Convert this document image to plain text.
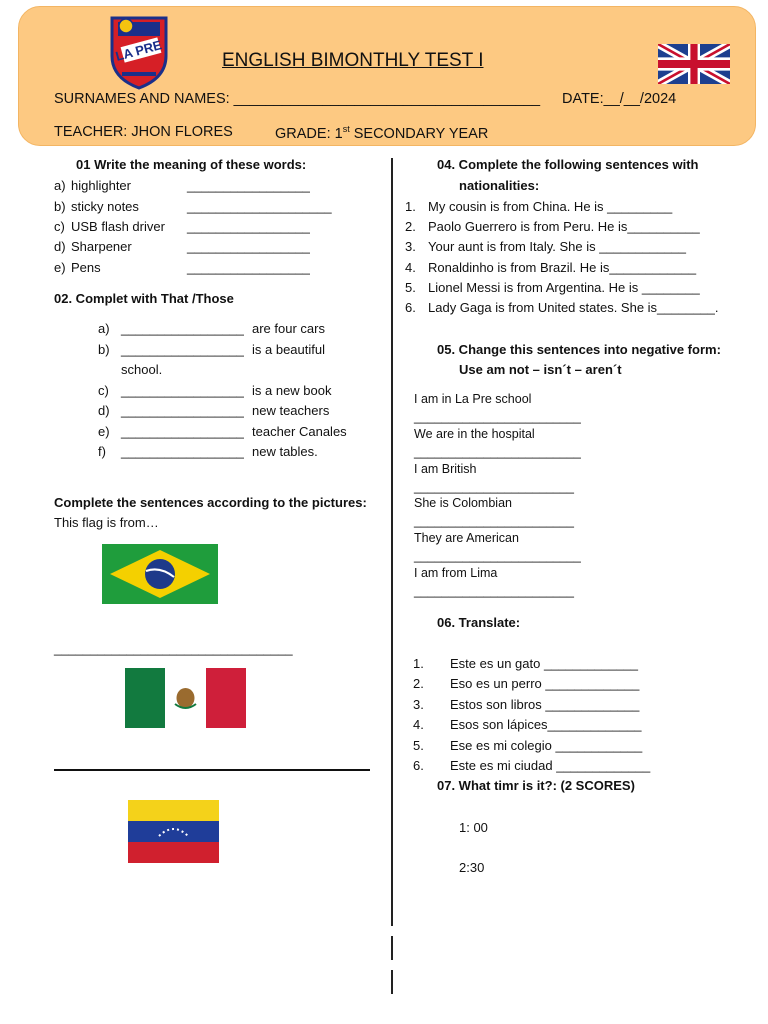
LA PRE	ENGLISH BIMONTHLY TEST I
SURNAMES AND NAMES: ______________________________________ DATE:__/__/2024
TEACHER: JHON FLORES	GRADE: 1st SECONDARY YEAR
01 Write the meaning of these words:
a) highlighter	_________________
b) sticky notes	____________________
c) USB flash driver _________________
d) Sharpener	_________________
e) Pens	_________________
02. Complet with That /Those
a) _________________ are four cars
b) _________________ is a beautiful
school.
c) _________________ is a new book
d) _________________ new teachers
e) _________________ teacher Canales
f) _________________ new tables.
Complete the sentences according to the pictures:
This flag is from…
_________________________________
04. Complete the following sentences with
nationalities:
1. My cousin is from China. He is _________
2. Paolo Guerrero is from Peru. He is__________
3. Your aunt is from Italy. She is ____________
4. Ronaldinho is from Brazil. He is____________
5. Lionel Messi is from Argentina. He is ________
6. Lady Gaga is from United states. She is________.
05. Change this sentences into negative form:
Use am not – isn´t – aren´t
I am in La Pre school
________________________
We are in the hospital
________________________
I am British
_______________________
She is Colombian
_______________________
They are American
________________________
I am from Lima
_______________________
06. Translate:
1. Este es un gato _____________
2. Eso es un perro _____________
3. Estos son libros _____________
4. Esos son lápices_____________
5. Ese es mi colegio ____________
6. Este es mi ciudad _____________
07. What timr is it?: (2 SCORES)
1: 00
2:30
